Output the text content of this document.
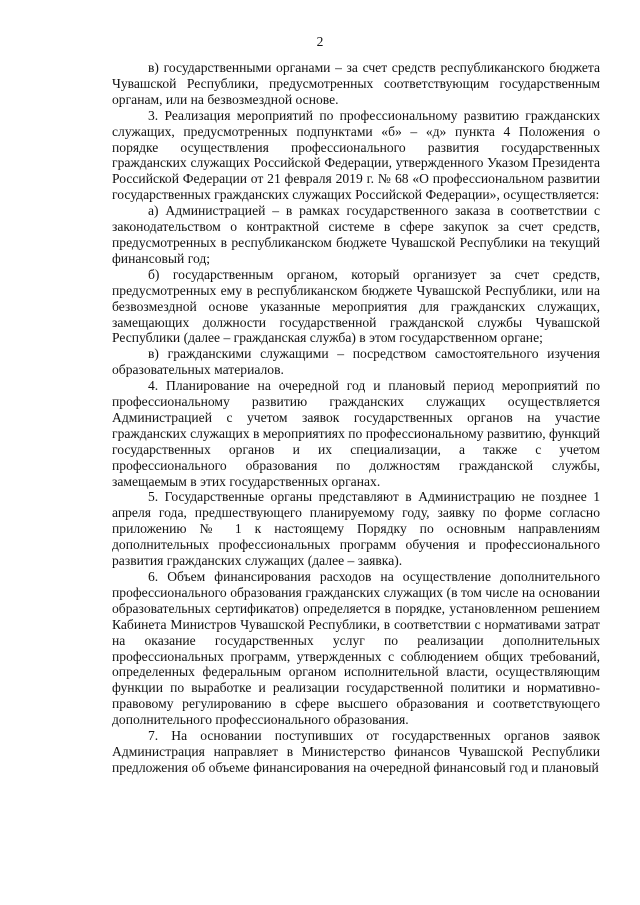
2

в) государственными органами – за счет средств республиканского бюджета Чувашской Республики, предусмотренных соответствующим государственным органам, или на безвозмездной основе.

3. Реализация мероприятий по профессиональному развитию гражданских служащих, предусмотренных подпунктами «б» – «д» пункта 4 Положения о порядке осуществления профессионального развития государственных гражданских служащих Российской Федерации, утвержденного Указом Президента Российской Федерации от 21 февраля 2019 г. № 68 «О профессиональном развитии государственных гражданских служащих Российской Федерации», осуществляется:

а) Администрацией – в рамках государственного заказа в соответствии с законодательством о контрактной системе в сфере закупок за счет средств, предусмотренных в республиканском бюджете Чувашской Республики на текущий финансовый год;

б) государственным органом, который организует за счет средств, предусмотренных ему в республиканском бюджете Чувашской Республики, или на безвозмездной основе указанные мероприятия для гражданских служащих, замещающих должности государственной гражданской службы Чувашской Республики (далее – гражданская служба) в этом государственном органе;

в) гражданскими служащими – посредством самостоятельного изучения образовательных материалов.

4. Планирование на очередной год и плановый период мероприятий по профессиональному развитию гражданских служащих осуществляется Администрацией с учетом заявок государственных органов на участие гражданских служащих в мероприятиях по профессиональному развитию, функций государственных органов и их специализации, а также с учетом профессионального образования по должностям гражданской службы, замещаемым в этих государственных органах.

5. Государственные органы представляют в Администрацию не позднее 1 апреля года, предшествующего планируемому году, заявку по форме согласно приложению № 1 к настоящему Порядку по основным направлениям дополнительных профессиональных программ обучения и профессионального развития гражданских служащих (далее – заявка).

6. Объем финансирования расходов на осуществление дополнительного профессионального образования гражданских служащих (в том числе на основании образовательных сертификатов) определяется в порядке, установленном решением Кабинета Министров Чувашской Республики, в соответствии с нормативами затрат на оказание государственных услуг по реализации дополнительных профессиональных программ, утвержденных с соблюдением общих требований, определенных федеральным органом исполнительной власти, осуществляющим функции по выработке и реализации государственной политики и нормативно-правовому регулированию в сфере высшего образования и соответствующего дополнительного профессионального образования.

7. На основании поступивших от государственных органов заявок Администрация направляет в Министерство финансов Чувашской Республики предложения об объеме финансирования на очередной финансовый год и плановый
